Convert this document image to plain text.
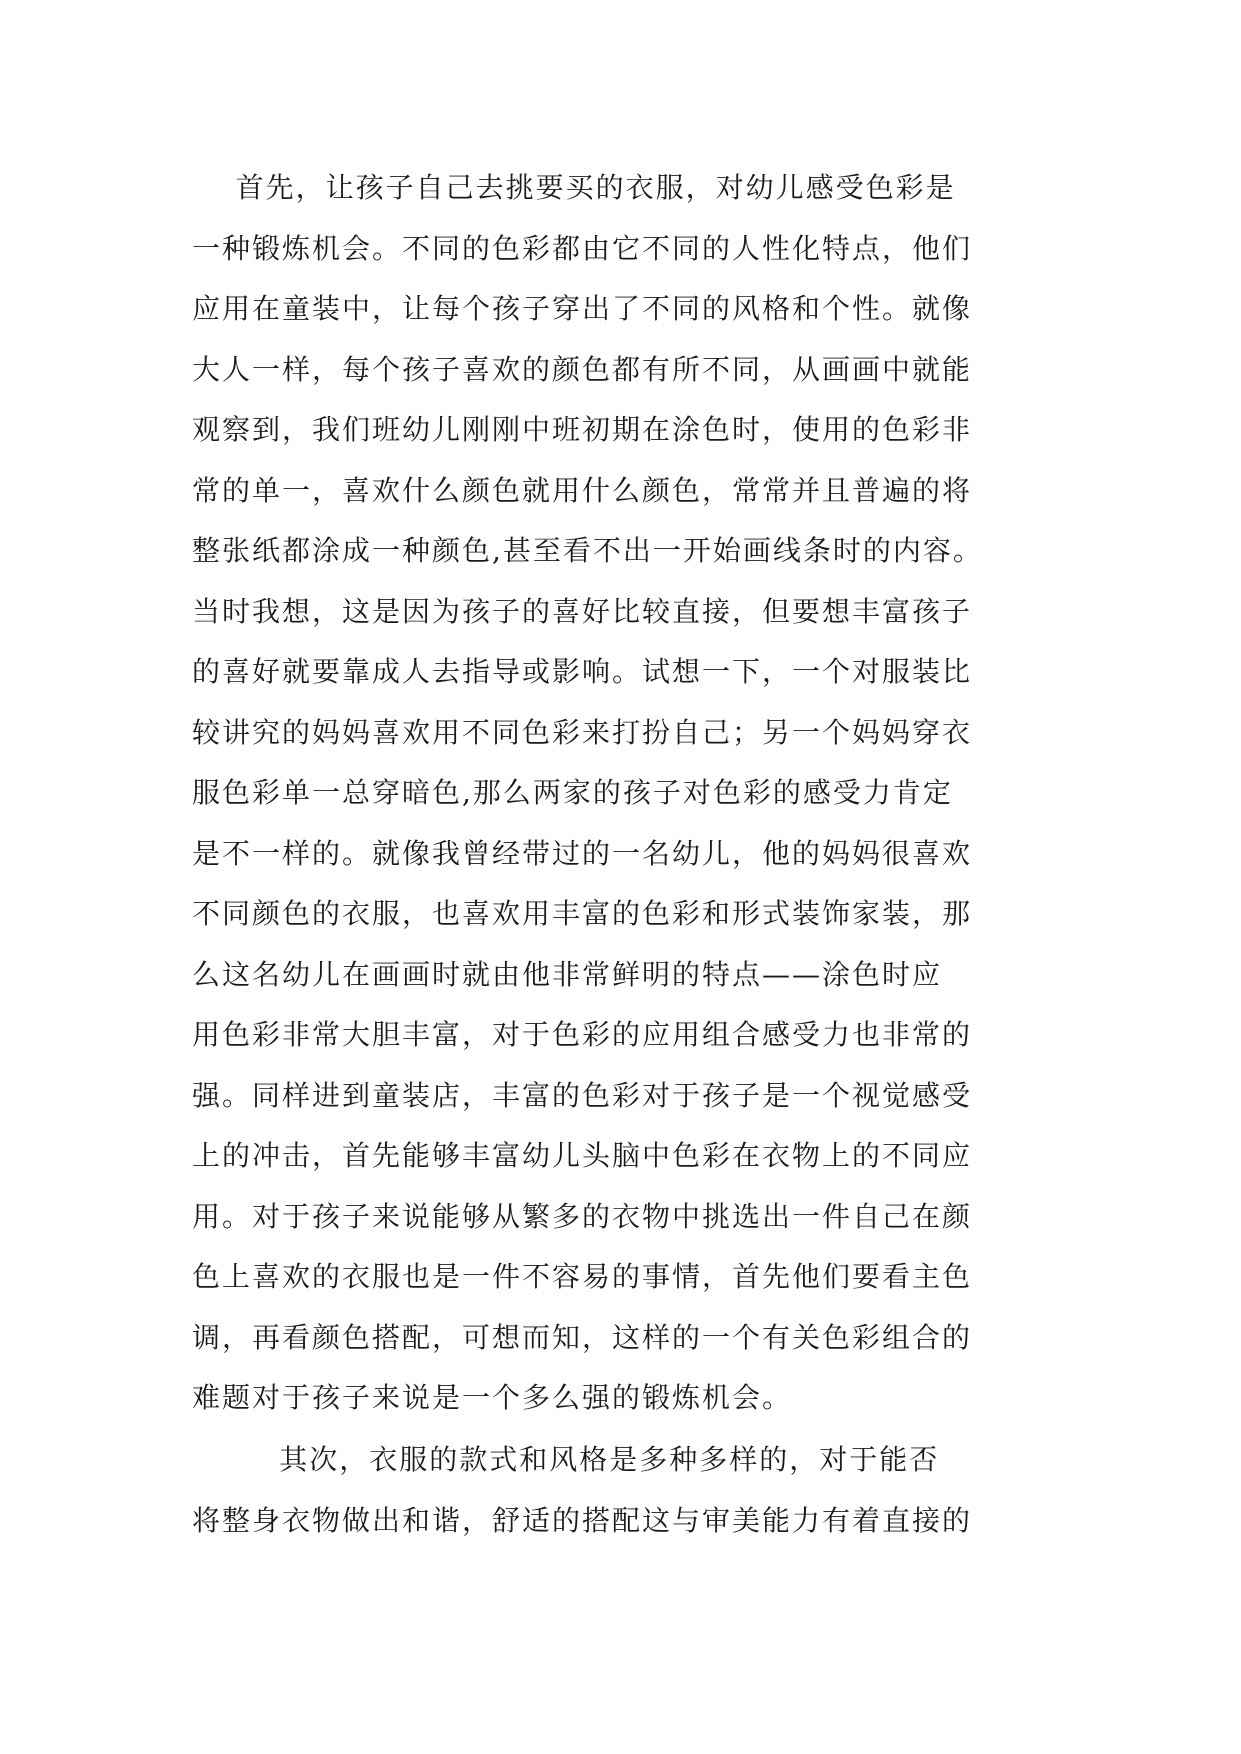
首先，让孩子自己去挑要买的衣服，对幼儿感受色彩是
一种锻炼机会。不同的色彩都由它不同的人性化特点，他们
应用在童装中，让每个孩子穿出了不同的风格和个性。就像
大人一样，每个孩子喜欢的颜色都有所不同，从画画中就能
观察到，我们班幼儿刚刚中班初期在涂色时，使用的色彩非
常的单一，喜欢什么颜色就用什么颜色，常常并且普遍的将
整张纸都涂成一种颜色,甚至看不出一开始画线条时的内容。
当时我想，这是因为孩子的喜好比较直接，但要想丰富孩子
的喜好就要靠成人去指导或影响。试想一下，一个对服装比
较讲究的妈妈喜欢用不同色彩来打扮自己；另一个妈妈穿衣
服色彩单一总穿暗色,那么两家的孩子对色彩的感受力肯定
是不一样的。就像我曾经带过的一名幼儿，他的妈妈很喜欢
不同颜色的衣服，也喜欢用丰富的色彩和形式装饰家装，那
么这名幼儿在画画时就由他非常鲜明的特点——涂色时应
用色彩非常大胆丰富，对于色彩的应用组合感受力也非常的
强。同样进到童装店，丰富的色彩对于孩子是一个视觉感受
上的冲击，首先能够丰富幼儿头脑中色彩在衣物上的不同应
用。对于孩子来说能够从繁多的衣物中挑选出一件自己在颜
色上喜欢的衣服也是一件不容易的事情，首先他们要看主色
调，再看颜色搭配，可想而知，这样的一个有关色彩组合的
难题对于孩子来说是一个多么强的锻炼机会。
其次，衣服的款式和风格是多种多样的，对于能否
将整身衣物做出和谐，舒适的搭配这与审美能力有着直接的
